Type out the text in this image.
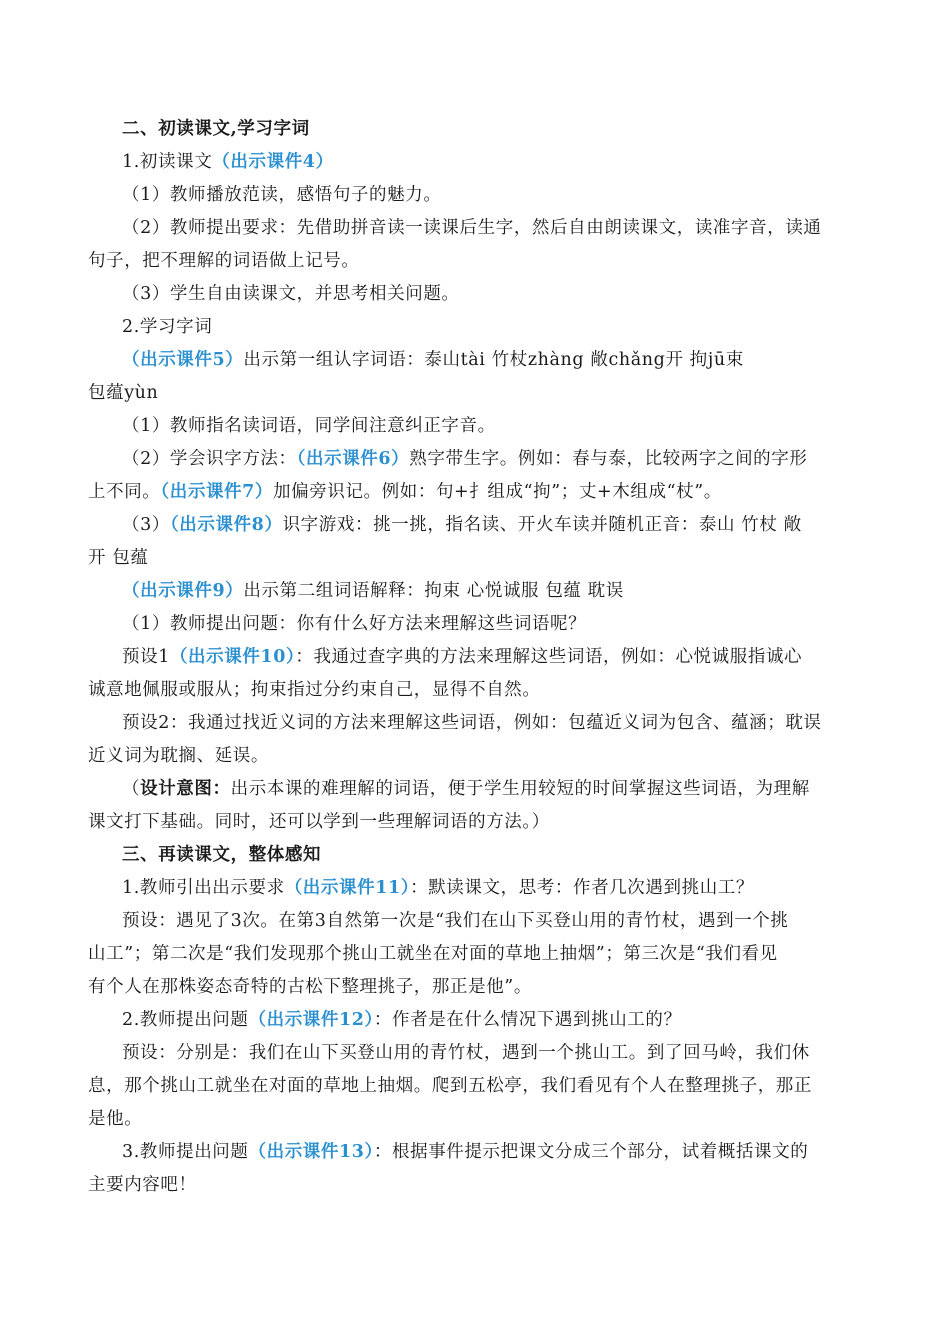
二、初读课文,学习字词
1.初读课文（出示课件4）
（1）教师播放范读，感悟句子的魅力。
（2）教师提出要求：先借助拼音读一读课后生字，然后自由朗读课文，读准字音，读通
句子，把不理解的词语做上记号。
（3）学生自由读课文，并思考相关问题。
2.学习字词
（出示课件5）出示第一组认字词语：泰山tài 竹杖zhàng 敞chǎng开 拘jū束
包蕴yùn
（1）教师指名读词语，同学间注意纠正字音。
（2）学会识字方法：（出示课件6）熟字带生字。例如：春与泰，比较两字之间的字形
上不同。（出示课件7）加偏旁识记。例如：句+扌组成“拘”；丈+木组成“杖”。
（3）（出示课件8）识字游戏：挑一挑，指名读、开火车读并随机正音：泰山 竹杖 敞
开 包蕴
（出示课件9）出示第二组词语解释：拘束 心悦诚服 包蕴 耽误
（1）教师提出问题：你有什么好方法来理解这些词语呢？
预设1（出示课件10）：我通过查字典的方法来理解这些词语，例如：心悦诚服指诚心
诚意地佩服或服从；拘束指过分约束自己，显得不自然。
预设2：我通过找近义词的方法来理解这些词语，例如：包蕴近义词为包含、蕴涵；耽误
近义词为耽搁、延误。
（设计意图：出示本课的难理解的词语，便于学生用较短的时间掌握这些词语，为理解
课文打下基础。同时，还可以学到一些理解词语的方法。）
三、再读课文，整体感知
1.教师引出出示要求（出示课件11）：默读课文，思考：作者几次遇到挑山工？
预设：遇见了3次。在第3自然第一次是“我们在山下买登山用的青竹杖，遇到一个挑
山工”；第二次是“我们发现那个挑山工就坐在对面的草地上抽烟”；第三次是“我们看见
有个人在那株姿态奇特的古松下整理挑子，那正是他”。
2.教师提出问题（出示课件12）：作者是在什么情况下遇到挑山工的？
预设：分别是：我们在山下买登山用的青竹杖，遇到一个挑山工。到了回马岭，我们休
息，那个挑山工就坐在对面的草地上抽烟。爬到五松亭，我们看见有个人在整理挑子，那正
是他。
3.教师提出问题（出示课件13）：根据事件提示把课文分成三个部分，试着概括课文的
主要内容吧！
